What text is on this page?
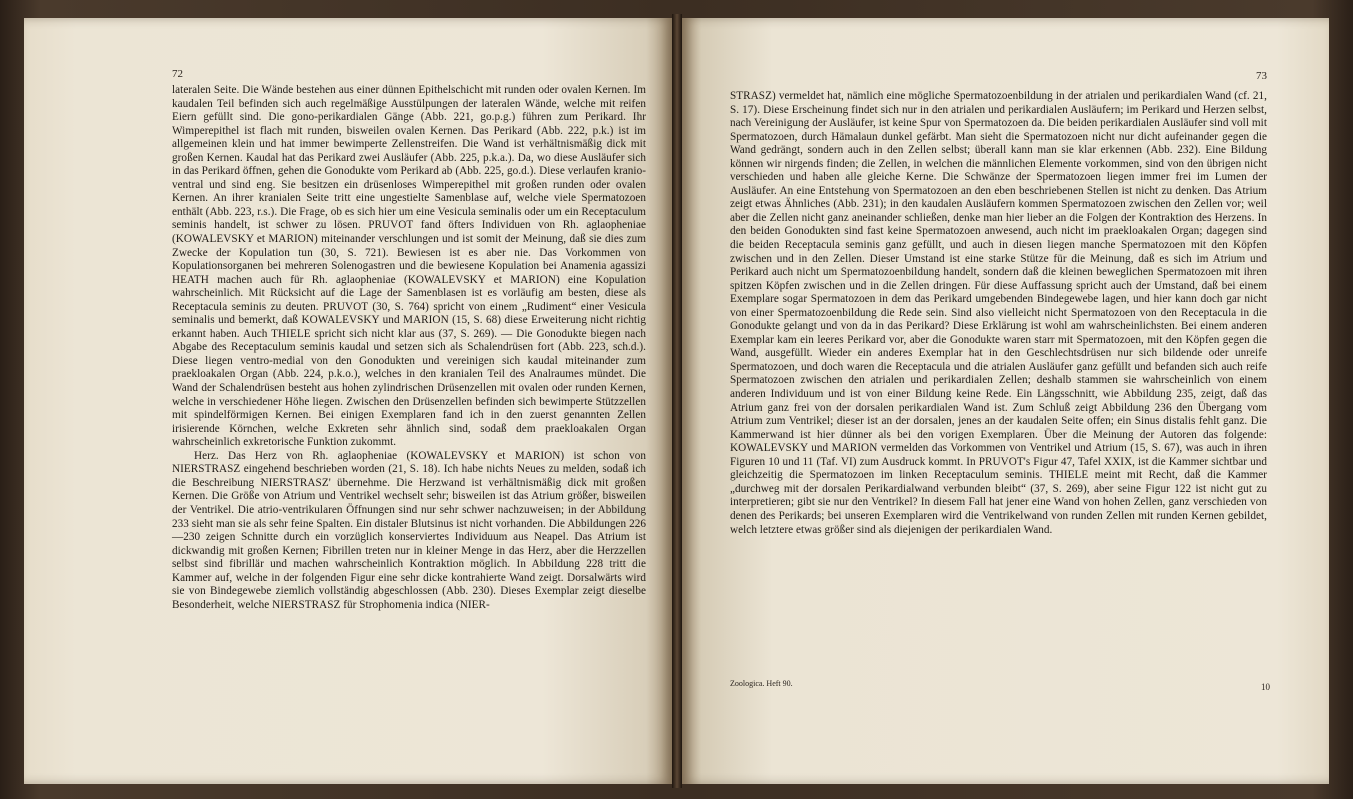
72

lateralen Seite. Die Wände bestehen aus einer dünnen Epithelschicht mit runden oder ovalen Kernen. Im kaudalen Teil befinden sich auch regelmäßige Ausstülpungen der lateralen Wände, welche mit reifen Eiern gefüllt sind. Die gono-perikardialen Gänge (Abb. 221, go.p.g.) führen zum Perikard. Ihr Wimperepithel ist flach mit runden, bisweilen ovalen Kernen. Das Perikard (Abb. 222, p.k.) ist im allgemeinen klein und hat immer bewimperte Zellenstreifen. Die Wand ist verhältnismäßig dick mit großen Kernen. Kaudal hat das Perikard zwei Ausläufer (Abb. 225, p.k.a.). Da, wo diese Ausläufer sich in das Perikard öffnen, gehen die Gonodukte vom Perikard ab (Abb. 225, go.d.). Diese verlaufen kranio-ventral und sind eng. Sie besitzen ein drüsenloses Wimperepithel mit großen runden oder ovalen Kernen. An ihrer kranialen Seite tritt eine ungestielte Samenblase auf, welche viele Spermatozoen enthält (Abb. 223, r.s.). Die Frage, ob es sich hier um eine Vesicula seminalis oder um ein Receptaculum seminis handelt, ist schwer zu lösen. PRUVOT fand öfters Individuen von Rh. aglaopheniae (KOWALEVSKY et MARION) miteinander verschlungen und ist somit der Meinung, daß sie dies zum Zwecke der Kopulation tun (30, S. 721). Bewiesen ist es aber nie. Das Vorkommen von Kopulationsorganen bei mehreren Solenogastren und die bewiesene Kopulation bei Anamenia agassizi HEATH machen auch für Rh. aglaopheniae (KOWALEVSKY et MARION) eine Kopulation wahrscheinlich. Mit Rücksicht auf die Lage der Samenblasen ist es vorläufig am besten, diese als Receptacula seminis zu deuten. PRUVOT (30, S. 764) spricht von einem „Rudiment“ einer Vesicula seminalis und bemerkt, daß KOWALEVSKY und MARION (15, S. 68) diese Erweiterung nicht richtig erkannt haben. Auch THIELE spricht sich nicht klar aus (37, S. 269). — Die Gonodukte biegen nach Abgabe des Receptaculum seminis kaudal und setzen sich als Schalendrüsen fort (Abb. 223, sch.d.). Diese liegen ventro-medial von den Gonodukten und vereinigen sich kaudal miteinander zum praekloakalen Organ (Abb. 224, p.k.o.), welches in den kranialen Teil des Analraumes mündet. Die Wand der Schalendrüsen besteht aus hohen zylindrischen Drüsenzellen mit ovalen oder runden Kernen, welche in verschiedener Höhe liegen. Zwischen den Drüsenzellen befinden sich bewimperte Stützzellen mit spindelförmigen Kernen. Bei einigen Exemplaren fand ich in den zuerst genannten Zellen irisierende Körnchen, welche Exkreten sehr ähnlich sind, sodaß dem praekloakalen Organ wahrscheinlich exkretorische Funktion zukommt.

Herz. Das Herz von Rh. aglaopheniae (KOWALEVSKY et MARION) ist schon von NIERSTRASZ eingehend beschrieben worden (21, S. 18). Ich habe nichts Neues zu melden, sodaß ich die Beschreibung NIERSTRASZ' übernehme. Die Herzwand ist verhältnismäßig dick mit großen Kernen. Die Größe von Atrium und Ventrikel wechselt sehr; bisweilen ist das Atrium größer, bisweilen der Ventrikel. Die atrio-ventrikularen Öffnungen sind nur sehr schwer nachzuweisen; in der Abbildung 233 sieht man sie als sehr feine Spalten. Ein distaler Blutsinus ist nicht vorhanden. Die Abbildungen 226—230 zeigen Schnitte durch ein vorzüglich konserviertes Individuum aus Neapel. Das Atrium ist dickwandig mit großen Kernen; Fibrillen treten nur in kleiner Menge in das Herz, aber die Herzzellen selbst sind fibrillär und machen wahrscheinlich Kontraktion möglich. In Abbildung 228 tritt die Kammer auf, welche in der folgenden Figur eine sehr dicke kontrahierte Wand zeigt. Dorsalwärts wird sie von Bindegewebe ziemlich vollständig abgeschlossen (Abb. 230). Dieses Exemplar zeigt dieselbe Besonderheit, welche NIERSTRASZ für Strophomenia indica (NIER-

73

STRASZ) vermeldet hat, nämlich eine mögliche Spermatozoenbildung in der atrialen und perikardialen Wand (cf. 21, S. 17). Diese Erscheinung findet sich nur in den atrialen und perikardialen Ausläufern; im Perikard und Herzen selbst, nach Vereinigung der Ausläufer, ist keine Spur von Spermatozoen da. Die beiden perikardialen Ausläufer sind voll mit Spermatozoen, durch Hämalaun dunkel gefärbt. Man sieht die Spermatozoen nicht nur dicht aufeinander gegen die Wand gedrängt, sondern auch in den Zellen selbst; überall kann man sie klar erkennen (Abb. 232). Eine Bildung können wir nirgends finden; die Zellen, in welchen die männlichen Elemente vorkommen, sind von den übrigen nicht verschieden und haben alle gleiche Kerne. Die Schwänze der Spermatozoen liegen immer frei im Lumen der Ausläufer. An eine Entstehung von Spermatozoen an den eben beschriebenen Stellen ist nicht zu denken. Das Atrium zeigt etwas Ähnliches (Abb. 231); in den kaudalen Ausläufern kommen Spermatozoen zwischen den Zellen vor; weil aber die Zellen nicht ganz aneinander schließen, denke man hier lieber an die Folgen der Kontraktion des Herzens. In den beiden Gonodukten sind fast keine Spermatozoen anwesend, auch nicht im praekloakalen Organ; dagegen sind die beiden Receptacula seminis ganz gefüllt, und auch in diesen liegen manche Spermatozoen mit den Köpfen zwischen und in den Zellen. Dieser Umstand ist eine starke Stütze für die Meinung, daß es sich im Atrium und Perikard auch nicht um Spermatozoenbildung handelt, sondern daß die kleinen beweglichen Spermatozoen mit ihren spitzen Köpfen zwischen und in die Zellen dringen. Für diese Auffassung spricht auch der Umstand, daß bei einem Exemplare sogar Spermatozoen in dem das Perikard umgebenden Bindegewebe lagen, und hier kann doch gar nicht von einer Spermatozoenbildung die Rede sein. Sind also vielleicht nicht Spermatozoen von den Receptacula in die Gonodukte gelangt und von da in das Perikard? Diese Erklärung ist wohl am wahrscheinlichsten. Bei einem anderen Exemplar kam ein leeres Perikard vor, aber die Gonodukte waren starr mit Spermatozoen, mit den Köpfen gegen die Wand, ausgefüllt. Wieder ein anderes Exemplar hat in den Geschlechtsdrüsen nur sich bildende oder unreife Spermatozoen, und doch waren die Receptacula und die atrialen Ausläufer ganz gefüllt und befanden sich auch reife Spermatozoen zwischen den atrialen und perikardialen Zellen; deshalb stammen sie wahrscheinlich von einem anderen Individuum und ist von einer Bildung keine Rede. Ein Längsschnitt, wie Abbildung 235, zeigt, daß das Atrium ganz frei von der dorsalen perikardialen Wand ist. Zum Schluß zeigt Abbildung 236 den Übergang vom Atrium zum Ventrikel; dieser ist an der dorsalen, jenes an der kaudalen Seite offen; ein Sinus distalis fehlt ganz. Die Kammerwand ist hier dünner als bei den vorigen Exemplaren. Über die Meinung der Autoren das folgende: KOWALEVSKY und MARION vermelden das Vorkommen von Ventrikel und Atrium (15, S. 67), was auch in ihren Figuren 10 und 11 (Taf. VI) zum Ausdruck kommt. In PRUVOT's Figur 47, Tafel XXIX, ist die Kammer sichtbar und gleichzeitig die Spermatozoen im linken Receptaculum seminis. THIELE meint mit Recht, daß die Kammer „durchweg mit der dorsalen Perikardialwand verbunden bleibt“ (37, S. 269), aber seine Figur 122 ist nicht gut zu interpretieren; gibt sie nur den Ventrikel? In diesem Fall hat jener eine Wand von hohen Zellen, ganz verschieden von denen des Perikards; bei unseren Exemplaren wird die Ventrikelwand von runden Zellen mit runden Kernen gebildet, welch letztere etwas größer sind als diejenigen der perikardialen Wand.

Zoologica. Heft 90.	10
